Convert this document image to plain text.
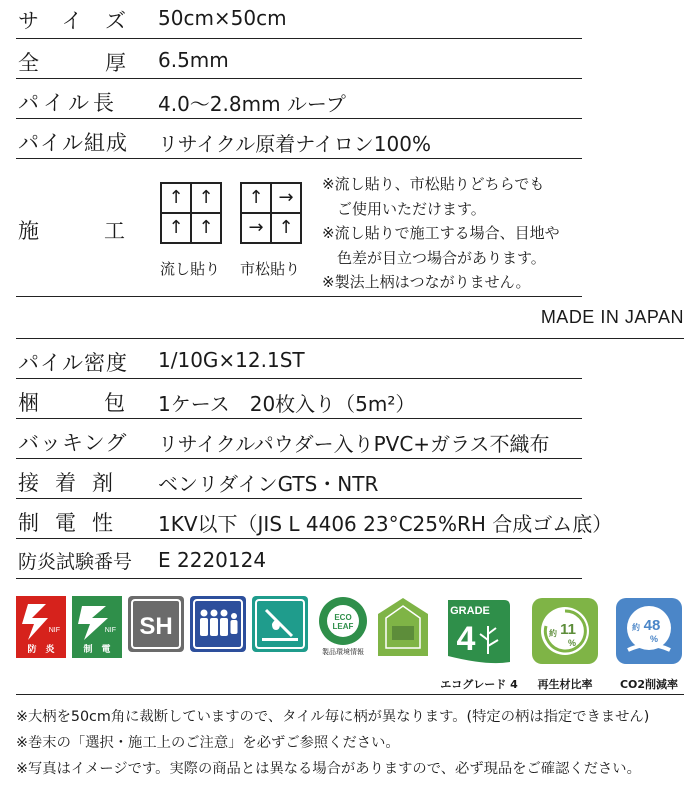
サ イ ズ 50cm×50cm
全	厚 6.5mm
パイル長 4.0〜2.8mm ループ
パイル組成 リサイクル原着ナイロン100%
施	工
↑ ↑
↑ ↑
流し貼り
↑ →
→ ↑
市松貼り
※流し貼り、市松貼りどちらでも
　ご使用いただけます。
※流し貼りで施工する場合、目地や
　色差が目立つ場合があります。
※製法上柄はつながりません。
MADE IN JAPAN
パイル密度 1/10G×12.1ST
梱	包 1ケース　20枚入り（5m²）
バッキング リサイクルパウダー入りPVC+ガラス不織布
接着剤 ベンリダインGTS・NTR
制電性 1KV以下（JIS L 4406 23°C25%RH 合成ゴム底）
防炎試験番号 E 2220124
NIF
防　炎
NIF
制　電
SH	ECO
LEAF
製品環境情報
GRADE
4
エコグレード 4
約 11
%
再生材比率
約 48
%
CO2削減率
※大柄を50cm角に裁断していますので、タイル毎に柄が異なります。(特定の柄は指定できません)
※巻末の「選択・施工上のご注意」を必ずご参照ください。
※写真はイメージです。実際の商品とは異なる場合がありますので、必ず現品をご確認ください。
